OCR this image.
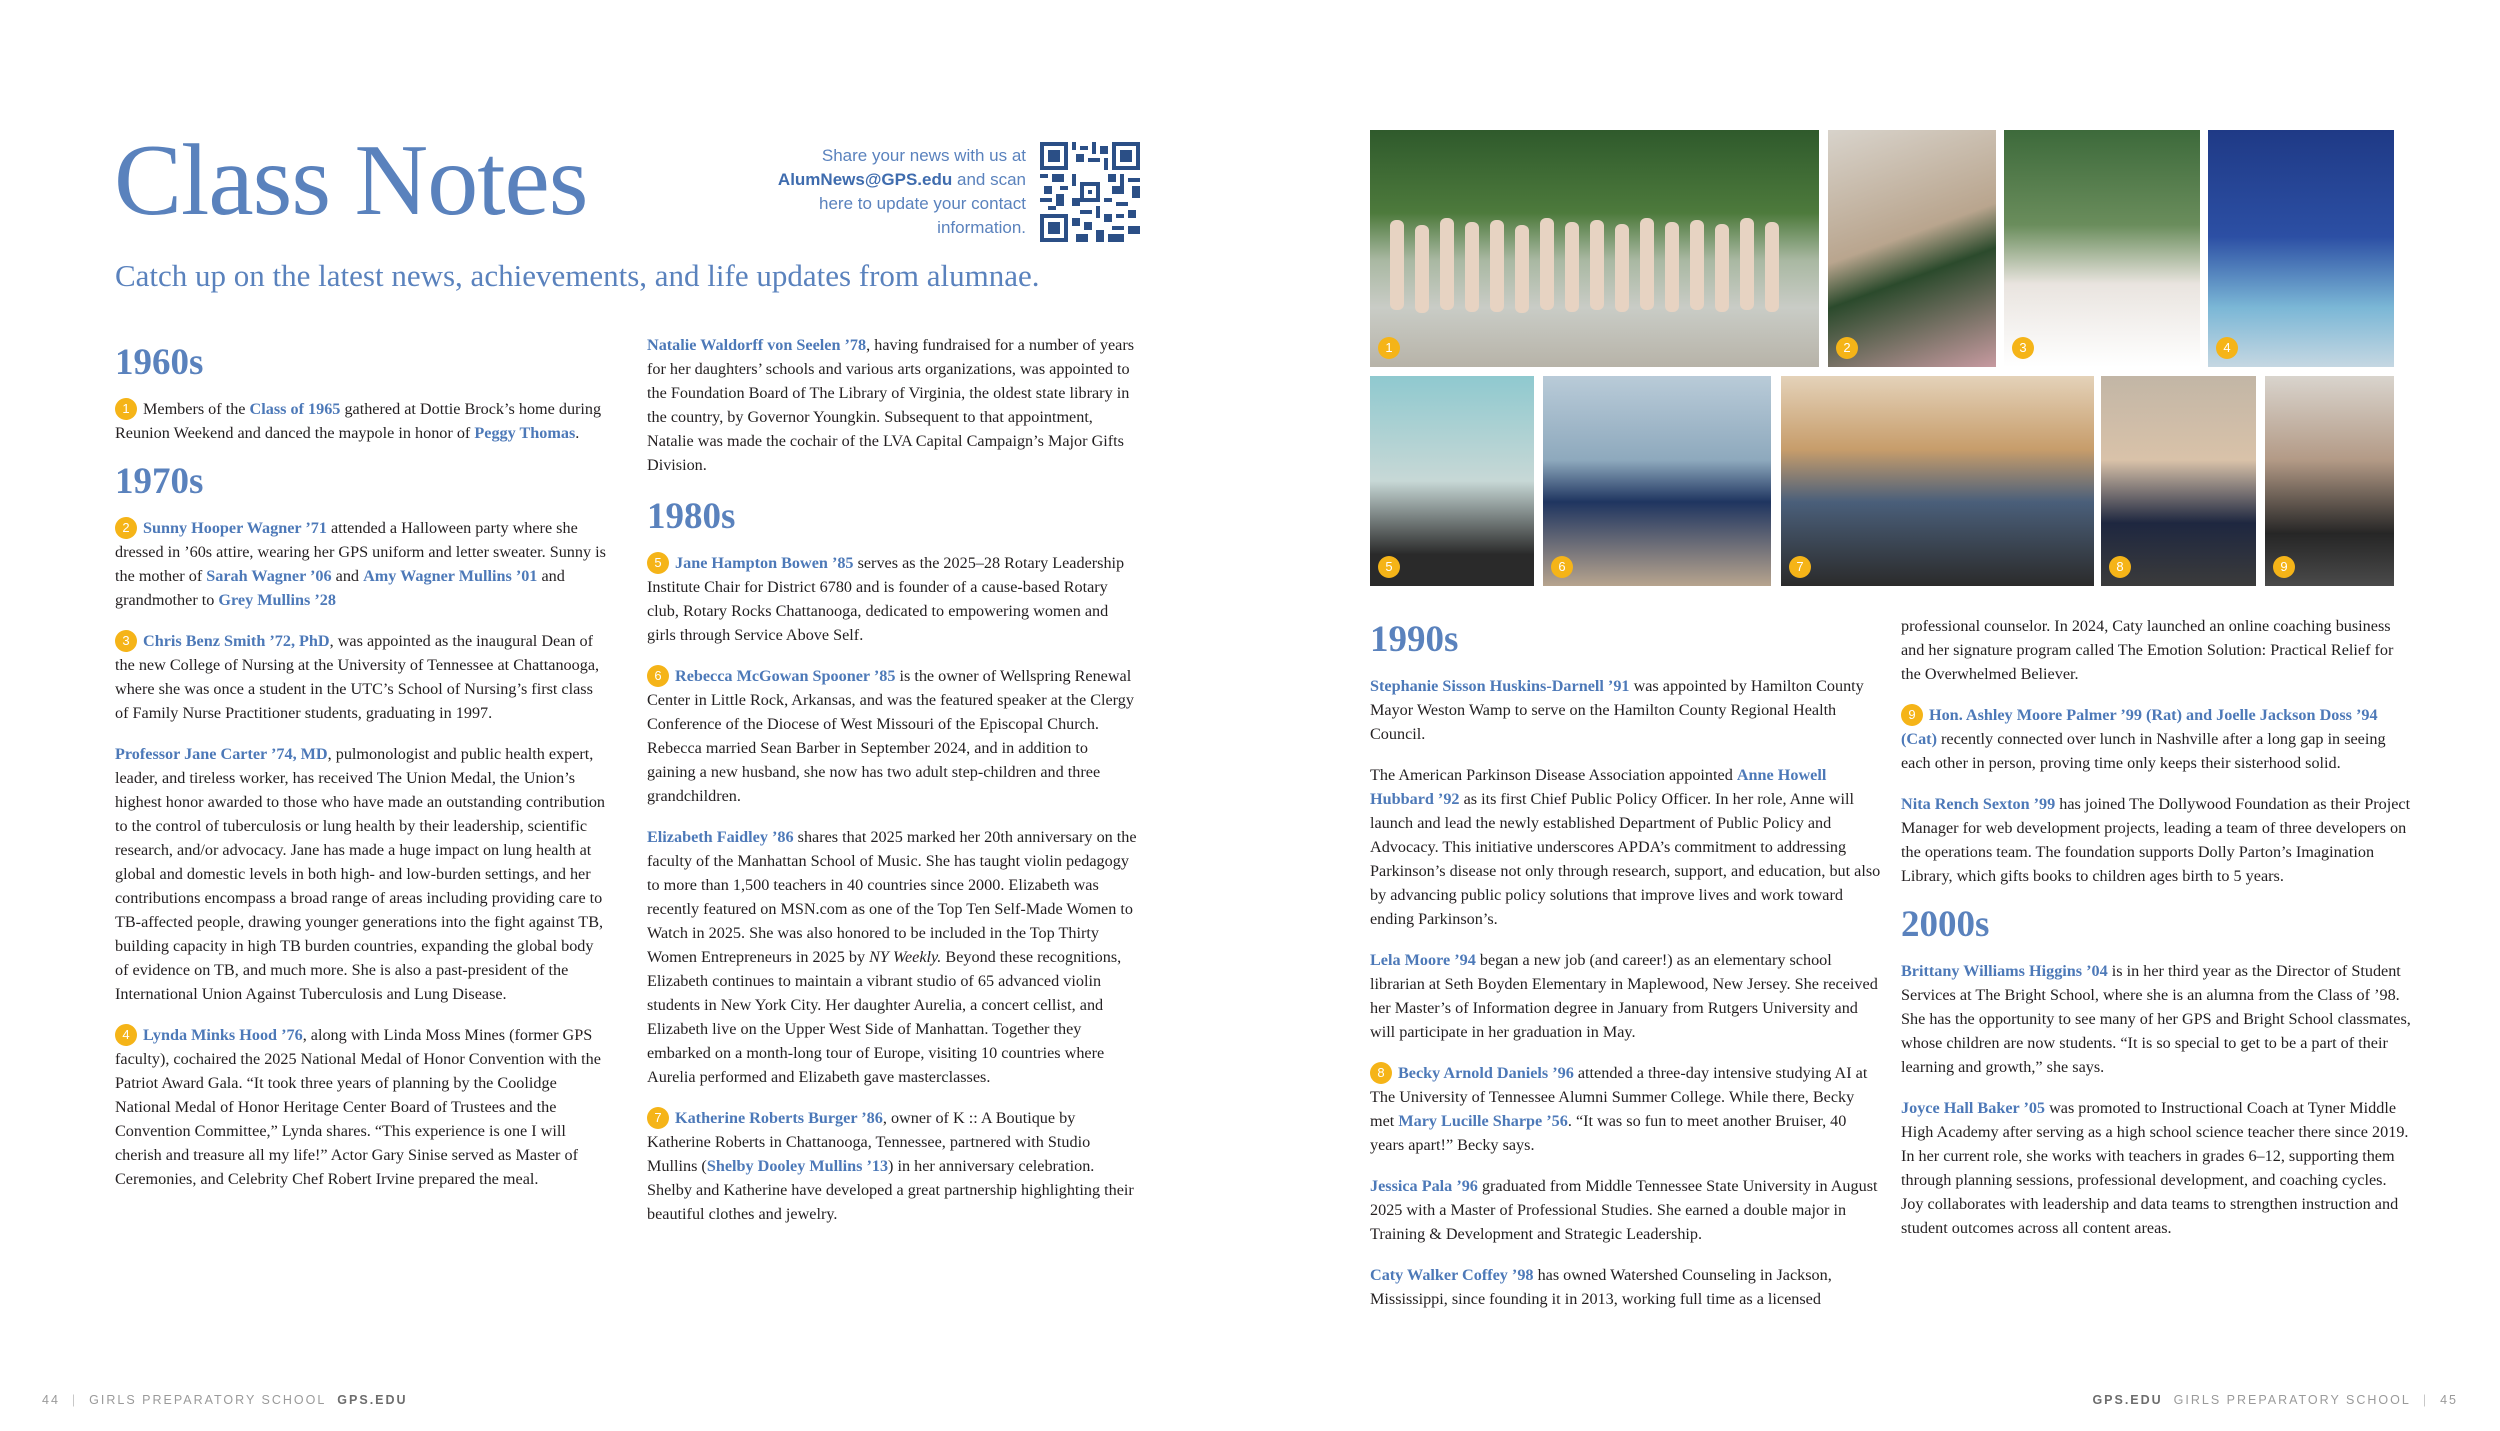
Class Notes
Catch up on the latest news, achievements, and life updates from alumnae.
Share your news with us at
AlumNews@GPS.edu and scan
here to update your contact
information.
1960s

1 Members of the Class of 1965 gathered at Dottie Brock’s home during Reunion Weekend and danced the maypole in honor of Peggy Thomas.

1970s

2 Sunny Hooper Wagner ’71 attended a Halloween party where she dressed in ’60s attire, wearing her GPS uniform and letter sweater. Sunny is the mother of Sarah Wagner ’06 and Amy Wagner Mullins ’01 and grandmother to Grey Mullins ’28

3 Chris Benz Smith ’72, PhD, was appointed as the inaugural Dean of the new College of Nursing at the University of Tennessee at Chattanooga, where she was once a student in the UTC’s School of Nursing’s first class of Family Nurse Practitioner students, graduating in 1997.

Professor Jane Carter ’74, MD, pulmonologist and public health expert, leader, and tireless worker, has received The Union Medal, the Union’s highest honor awarded to those who have made an outstanding contribution to the control of tuberculosis or lung health by their leadership, scientific research, and/or advocacy. Jane has made a huge impact on lung health at global and domestic levels in both high- and low-burden settings, and her contributions encompass a broad range of areas including providing care to TB-affected people, drawing younger generations into the fight against TB, building capacity in high TB burden countries, expanding the global body of evidence on TB, and much more. She is also a past-president of the International Union Against Tuberculosis and Lung Disease.

4 Lynda Minks Hood ’76, along with Linda Moss Mines (former GPS faculty), cochaired the 2025 National Medal of Honor Convention with the Patriot Award Gala. “It took three years of planning by the Coolidge National Medal of Honor Heritage Center Board of Trustees and the Convention Committee,” Lynda shares. “This experience is one I will cherish and treasure all my life!” Actor Gary Sinise served as Master of Ceremonies, and Celebrity Chef Robert Irvine prepared the meal.

Natalie Waldorff von Seelen ’78, having fundraised for a number of years for her daughters’ schools and various arts organizations, was appointed to the Foundation Board of The Library of Virginia, the oldest state library in the country, by Governor Youngkin. Subsequent to that appointment, Natalie was made the cochair of the LVA Capital Campaign’s Major Gifts Division.

1980s

5 Jane Hampton Bowen ’85 serves as the 2025–28 Rotary Leadership Institute Chair for District 6780 and is founder of a cause-based Rotary club, Rotary Rocks Chattanooga, dedicated to empowering women and girls through Service Above Self.

6 Rebecca McGowan Spooner ’85 is the owner of Wellspring Renewal Center in Little Rock, Arkansas, and was the featured speaker at the Clergy Conference of the Diocese of West Missouri of the Episcopal Church. Rebecca married Sean Barber in September 2024, and in addition to gaining a new husband, she now has two adult step-children and three grandchildren.

Elizabeth Faidley ’86 shares that 2025 marked her 20th anniversary on the faculty of the Manhattan School of Music. She has taught violin pedagogy to more than 1,500 teachers in 40 countries since 2000. Elizabeth was recently featured on MSN.com as one of the Top Ten Self-Made Women to Watch in 2025. She was also honored to be included in the Top Thirty Women Entrepreneurs in 2025 by NY Weekly. Beyond these recognitions, Elizabeth continues to maintain a vibrant studio of 65 advanced violin students in New York City. Her daughter Aurelia, a concert cellist, and Elizabeth live on the Upper West Side of Manhattan. Together they embarked on a month-long tour of Europe, visiting 10 countries where Aurelia performed and Elizabeth gave masterclasses.

7 Katherine Roberts Burger ’86, owner of K :: A Boutique by Katherine Roberts in Chattanooga, Tennessee, partnered with Studio Mullins (Shelby Dooley Mullins ’13) in her anniversary celebration. Shelby and Katherine have developed a great partnership highlighting their beautiful clothes and jewelry.

1	2	3	4
5	6	7	8	9
1990s

Stephanie Sisson Huskins-Darnell ’91 was appointed by Hamilton County Mayor Weston Wamp to serve on the Hamilton County Regional Health Council.

The American Parkinson Disease Association appointed Anne Howell Hubbard ’92 as its first Chief Public Policy Officer. In her role, Anne will launch and lead the newly established Department of Public Policy and Advocacy. This initiative underscores APDA’s commitment to addressing Parkinson’s disease not only through research, support, and education, but also by advancing public policy solutions that improve lives and work toward ending Parkinson’s.

Lela Moore ’94 began a new job (and career!) as an elementary school librarian at Seth Boyden Elementary in Maplewood, New Jersey. She received her Master’s of Information degree in January from Rutgers University and will participate in her graduation in May.

8 Becky Arnold Daniels ’96 attended a three-day intensive studying AI at The University of Tennessee Alumni Summer College. While there, Becky met Mary Lucille Sharpe ’56. “It was so fun to meet another Bruiser, 40 years apart!” Becky says.

Jessica Pala ’96 graduated from Middle Tennessee State University in August 2025 with a Master of Professional Studies. She earned a double major in Training & Development and Strategic Leadership.

Caty Walker Coffey ’98 has owned Watershed Counseling in Jackson, Mississippi, since founding it in 2013, working full time as a licensed

professional counselor. In 2024, Caty launched an online coaching business and her signature program called The Emotion Solution: Practical Relief for the Overwhelmed Believer.

9 Hon. Ashley Moore Palmer ’99 (Rat) and Joelle Jackson Doss ’94 (Cat) recently connected over lunch in Nashville after a long gap in seeing each other in person, proving time only keeps their sisterhood solid.

Nita Rench Sexton ’99 has joined The Dollywood Foundation as their Project Manager for web development projects, leading a team of three developers on the operations team. The foundation supports Dolly Parton’s Imagination Library, which gifts books to children ages birth to 5 years.

2000s

Brittany Williams Higgins ’04 is in her third year as the Director of Student Services at The Bright School, where she is an alumna from the Class of ’98. She has the opportunity to see many of her GPS and Bright School classmates, whose children are now students. “It is so special to get to be a part of their learning and growth,” she says.

Joyce Hall Baker ’05 was promoted to Instructional Coach at Tyner Middle High Academy after serving as a high school science teacher there since 2019. In her current role, she works with teachers in grades 6–12, supporting them through planning sessions, professional development, and coaching cycles. Joy collaborates with leadership and data teams to strengthen instruction and student outcomes across all content areas.

44 | GIRLS PREPARATORY SCHOOL GPS.EDU	GPS.EDU GIRLS PREPARATORY SCHOOL | 45
